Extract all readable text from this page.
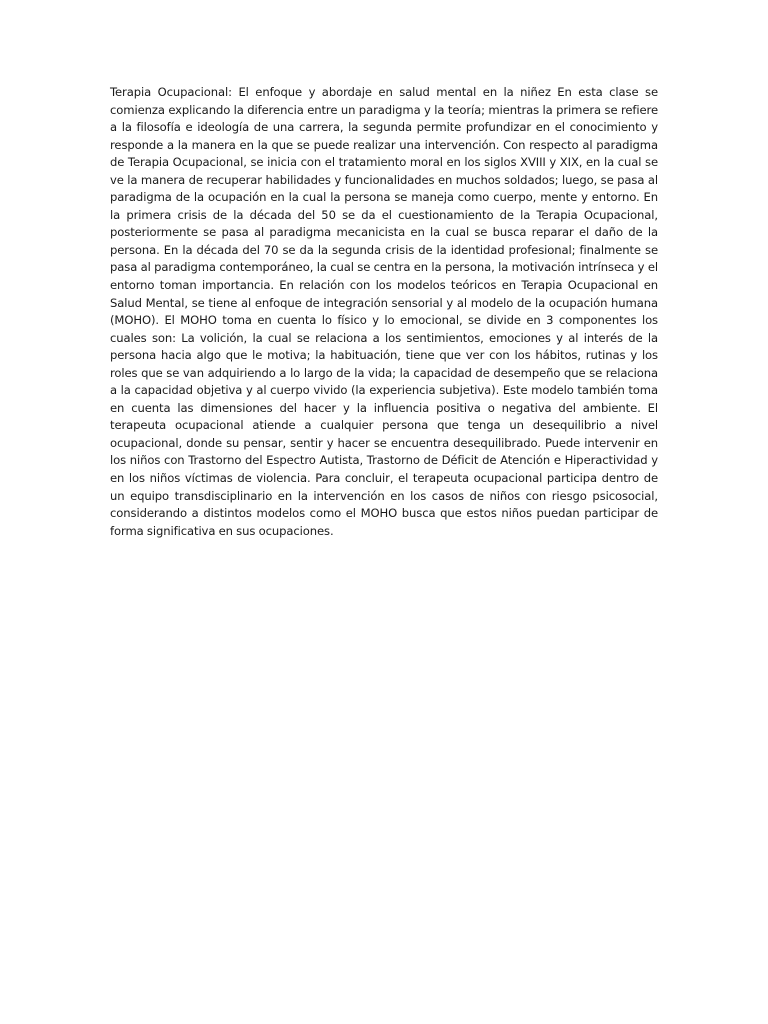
Terapia Ocupacional: El enfoque y abordaje en salud mental en la niñez En esta clase se comienza explicando la diferencia entre un paradigma y la teoría; mientras la primera se refiere a la filosofía e ideología de una carrera, la segunda permite profundizar en el conocimiento y responde a la manera en la que se puede realizar una intervención. Con respecto al paradigma de Terapia Ocupacional, se inicia con el tratamiento moral en los siglos XVIII y XIX, en la cual se ve la manera de recuperar habilidades y funcionalidades en muchos soldados; luego, se pasa al paradigma de la ocupación en la cual la persona se maneja como cuerpo, mente y entorno. En la primera crisis de la década del 50 se da el cuestionamiento de la Terapia Ocupacional, posteriormente se pasa al paradigma mecanicista en la cual se busca reparar el daño de la persona. En la década del 70 se da la segunda crisis de la identidad profesional; finalmente se pasa al paradigma contemporáneo, la cual se centra en la persona, la motivación intrínseca y el entorno toman importancia. En relación con los modelos teóricos en Terapia Ocupacional en Salud Mental, se tiene al enfoque de integración sensorial y al modelo de la ocupación humana (MOHO). El MOHO toma en cuenta lo físico y lo emocional, se divide en 3 componentes los cuales son: La volición, la cual se relaciona a los sentimientos, emociones y al interés de la persona hacia algo que le motiva; la habituación, tiene que ver con los hábitos, rutinas y los roles que se van adquiriendo a lo largo de la vida; la capacidad de desempeño que se relaciona a la capacidad objetiva y al cuerpo vivido (la experiencia subjetiva). Este modelo también toma en cuenta las dimensiones del hacer y la influencia positiva o negativa del ambiente. El terapeuta ocupacional atiende a cualquier persona que tenga un desequilibrio a nivel ocupacional, donde su pensar, sentir y hacer se encuentra desequilibrado. Puede intervenir en los niños con Trastorno del Espectro Autista, Trastorno de Déficit de Atención e Hiperactividad y en los niños víctimas de violencia. Para concluir, el terapeuta ocupacional participa dentro de un equipo transdisciplinario en la intervención en los casos de niños con riesgo psicosocial, considerando a distintos modelos como el MOHO busca que estos niños puedan participar de forma significativa en sus ocupaciones.
